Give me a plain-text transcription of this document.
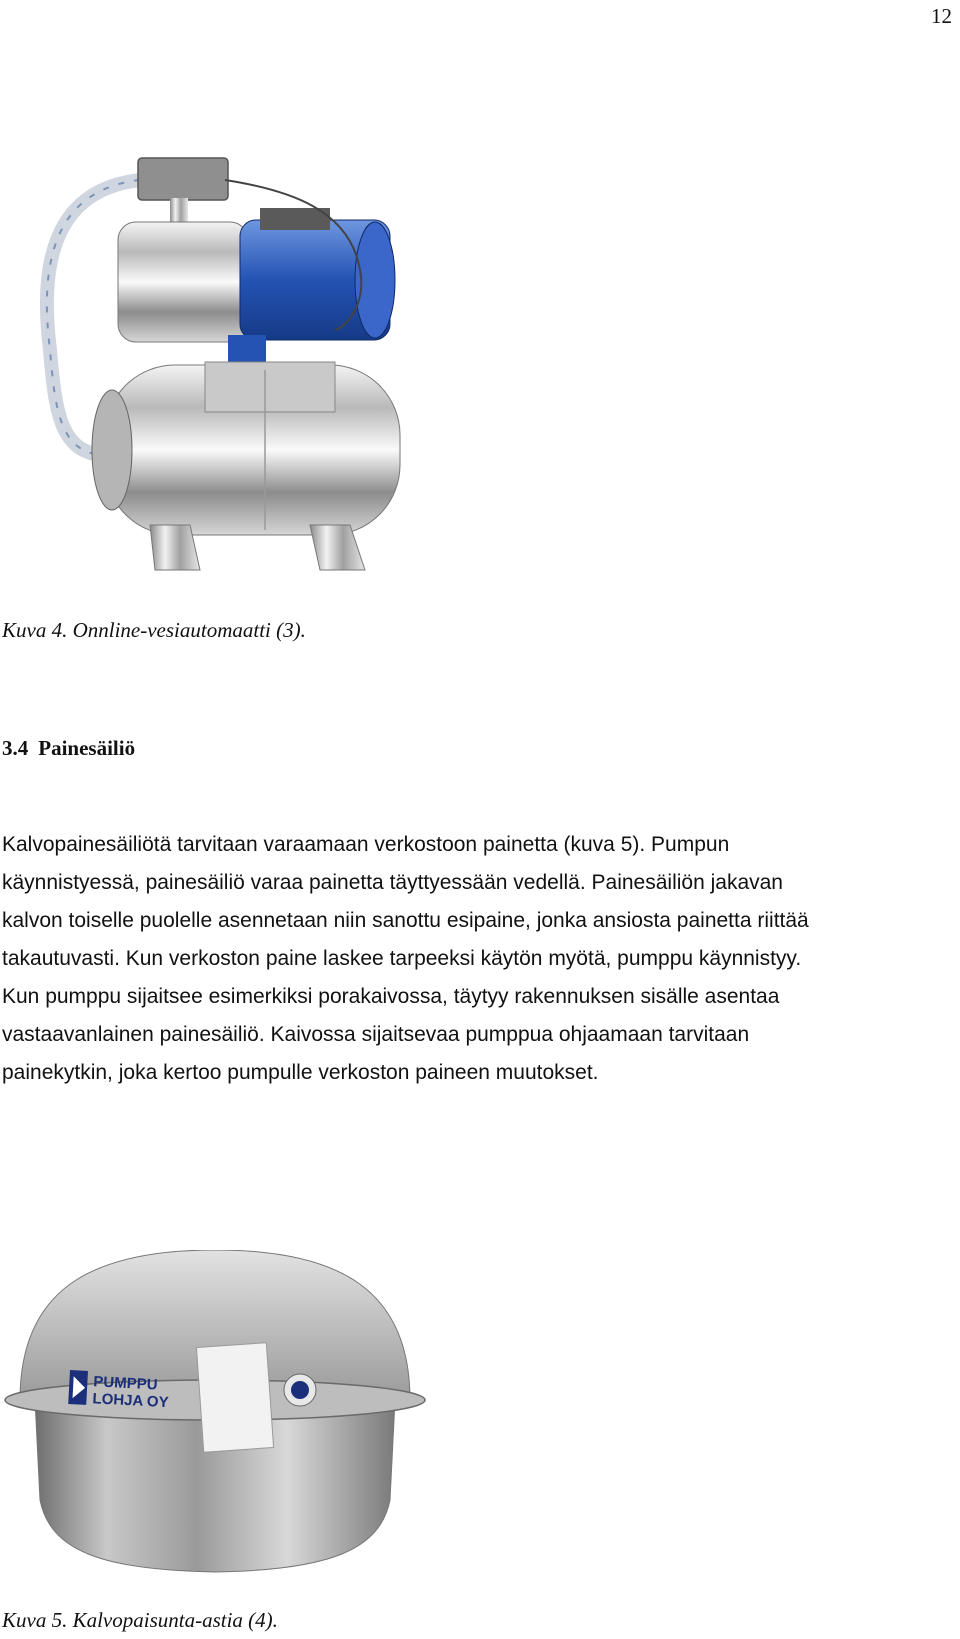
12
Kuva 4. Onnline-vesiautomaatti (3).
3.4 Painesäiliö
Kalvopainesäiliötä tarvitaan varaamaan verkostoon painetta (kuva 5). Pumpun
käynnistyessä, painesäiliö varaa painetta täyttyessään vedellä. Painesäiliön jakavan
kalvon toiselle puolelle asennetaan niin sanottu esipaine, jonka ansiosta painetta riittää
takautuvasti. Kun verkoston paine laskee tarpeeksi käytön myötä, pumppu käynnistyy.
Kun pumppu sijaitsee esimerkiksi porakaivossa, täytyy rakennuksen sisälle asentaa
vastaavanlainen painesäiliö. Kaivossa sijaitsevaa pumppua ohjaamaan tarvitaan
painekytkin, joka kertoo pumpulle verkoston paineen muutokset.
PUMPPU
LOHJA OY
Kuva 5. Kalvopaisunta-astia (4).
